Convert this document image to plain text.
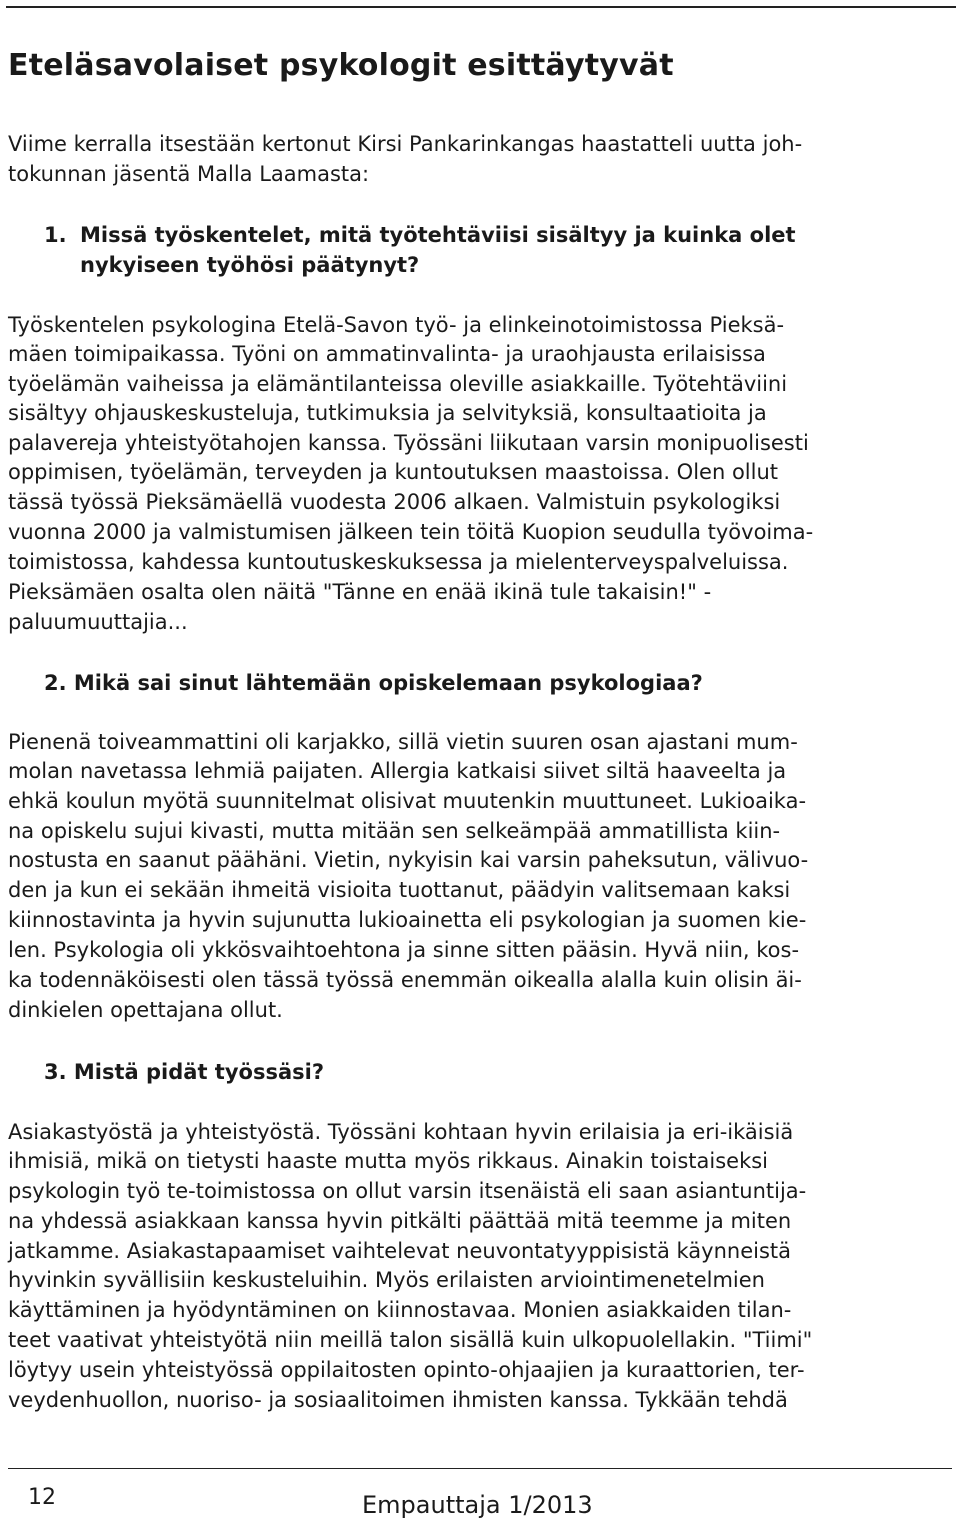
Eteläsavolaiset psykologit esittäytyvät
Viime kerralla itsestään kertonut Kirsi Pankarinkangas haastatteli uutta joh-
tokunnan jäsentä Malla Laamasta:
1. Missä työskentelet, mitä työtehtäviisi sisältyy ja kuinka olet
nykyiseen työhösi päätynyt?
Työskentelen psykologina Etelä-Savon työ- ja elinkeinotoimistossa Pieksä-
mäen toimipaikassa. Työni on ammatinvalinta- ja uraohjausta erilaisissa
työelämän vaiheissa ja elämäntilanteissa oleville asiakkaille. Työtehtäviini
sisältyy ohjauskeskusteluja, tutkimuksia ja selvityksiä, konsultaatioita ja
palavereja yhteistyötahojen kanssa. Työssäni liikutaan varsin monipuolisesti
oppimisen, työelämän, terveyden ja kuntoutuksen maastoissa. Olen ollut
tässä työssä Pieksämäellä vuodesta 2006 alkaen. Valmistuin psykologiksi
vuonna 2000 ja valmistumisen jälkeen tein töitä Kuopion seudulla työvoima-
toimistossa, kahdessa kuntoutuskeskuksessa ja mielenterveyspalveluissa.
Pieksämäen osalta olen näitä "Tänne en enää ikinä tule takaisin!" -
paluumuuttajia...
2. Mikä sai sinut lähtemään opiskelemaan psykologiaa?
Pienenä toiveammattini oli karjakko, sillä vietin suuren osan ajastani mum-
molan navetassa lehmiä paijaten. Allergia katkaisi siivet siltä haaveelta ja
ehkä koulun myötä suunnitelmat olisivat muutenkin muuttuneet. Lukioaika-
na opiskelu sujui kivasti, mutta mitään sen selkeämpää ammatillista kiin-
nostusta en saanut päähäni. Vietin, nykyisin kai varsin paheksutun, välivuo-
den ja kun ei sekään ihmeitä visioita tuottanut, päädyin valitsemaan kaksi
kiinnostavinta ja hyvin sujunutta lukioainetta eli psykologian ja suomen kie-
len. Psykologia oli ykkösvaihtoehtona ja sinne sitten pääsin. Hyvä niin, kos-
ka todennäköisesti olen tässä työssä enemmän oikealla alalla kuin olisin äi-
dinkielen opettajana ollut.
3. Mistä pidät työssäsi?
Asiakastyöstä ja yhteistyöstä. Työssäni kohtaan hyvin erilaisia ja eri-ikäisiä
ihmisiä, mikä on tietysti haaste mutta myös rikkaus. Ainakin toistaiseksi
psykologin työ te-toimistossa on ollut varsin itsenäistä eli saan asiantuntija-
na yhdessä asiakkaan kanssa hyvin pitkälti päättää mitä teemme ja miten
jatkamme. Asiakastapaamiset vaihtelevat neuvontatyyppisistä käynneistä
hyvinkin syvällisiin keskusteluihin. Myös erilaisten arviointimenetelmien
käyttäminen ja hyödyntäminen on kiinnostavaa. Monien asiakkaiden tilan-
teet vaativat yhteistyötä niin meillä talon sisällä kuin ulkopuolellakin. "Tiimi"
löytyy usein yhteistyössä oppilaitosten opinto-ohjaajien ja kuraattorien, ter-
veydenhuollon, nuoriso- ja sosiaalitoimen ihmisten kanssa. Tykkään tehdä
12	Empauttaja 1/2013
